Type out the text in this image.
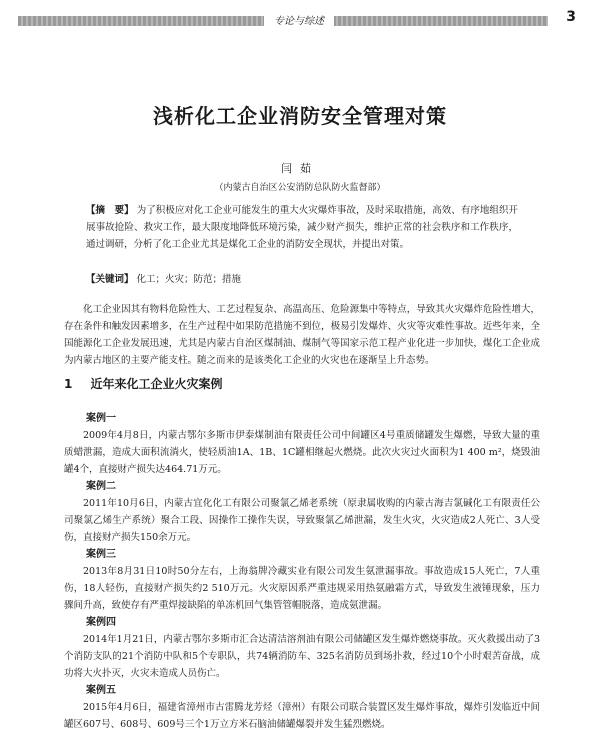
专论与综述	3
浅析化工企业消防安全管理对策
闫茹
（内蒙古自治区公安消防总队防火监督部）
【摘　要】 为了积极应对化工企业可能发生的重大火灾爆炸事故，及时采取措施，高效、有序地组织开展事故抢险、救灾工作，最大限度地降低环境污染，减少财产损失，维护正常的社会秩序和工作秩序，通过调研，分析了化工企业尤其是煤化工企业的消防安全现状，并提出对策。
【关键词】 化工；火灾；防范；措施

化工企业因其有物料危险性大、工艺过程复杂、高温高压、危险源集中等特点，导致其火灾爆炸危险性增大，存在条件和触发因素增多，在生产过程中如果防范措施不到位，极易引发爆炸、火灾等灾难性事故。近些年来，全国能源化工企业发展迅速，尤其是内蒙古自治区煤制油、煤制气等国家示范工程产业化进一步加快，煤化工企业成为内蒙古地区的主要产能支柱。随之而来的是该类化工企业的火灾也在逐渐呈上升态势。

1 近年来化工企业火灾案例
案例一

2009年4月8日，内蒙古鄂尔多斯市伊泰煤制油有限责任公司中间罐区4号重质储罐发生爆燃，导致大量的重质蜡泄漏，造成大面积流淌火，使轻质油1A、1B、1C罐相继起火燃烧。此次火灾过火面积为1 400 m²，烧毁油罐4个，直接财产损失达464.71万元。

案例二

2011年10月6日，内蒙古宜化化工有限公司聚氯乙烯老系统（原隶属收购的内蒙古海吉氯碱化工有限责任公司聚氯乙烯生产系统）聚合工段、因操作工操作失误，导致聚氯乙烯泄漏，发生火灾，火灾造成2人死亡、3人受伤，直接财产损失150余万元。

案例三

2013年8月31日10时50分左右，上海翁牌冷藏实业有限公司发生氨泄漏事故。事故造成15人死亡，7人重伤，18人轻伤，直接财产损失约2 510万元。火灾原因系严重违规采用热氨融霜方式，导致发生液锤现象，压力骤间升高，致使存有严重焊接缺陷的单冻机回气集管管帽脱落，造成氨泄漏。

案例四

2014年1月21日，内蒙古鄂尔多斯市汇合达清洁溶剂油有限公司储罐区发生爆炸燃烧事故。灭火救援出动了3个消防支队的21个消防中队和5个专职队，共74辆消防车、325名消防员到场扑救，经过10个小时艰苦奋战，成功将大火扑灭，火灾未造成人员伤亡。

案例五

2015年4月6日，福建省漳州市古雷腾龙芳烃（漳州）有限公司联合装置区发生爆炸事故，爆炸引发临近中间罐区607号、608号、609号三个1万立方米石脑油储罐爆裂并发生猛烈燃烧。
